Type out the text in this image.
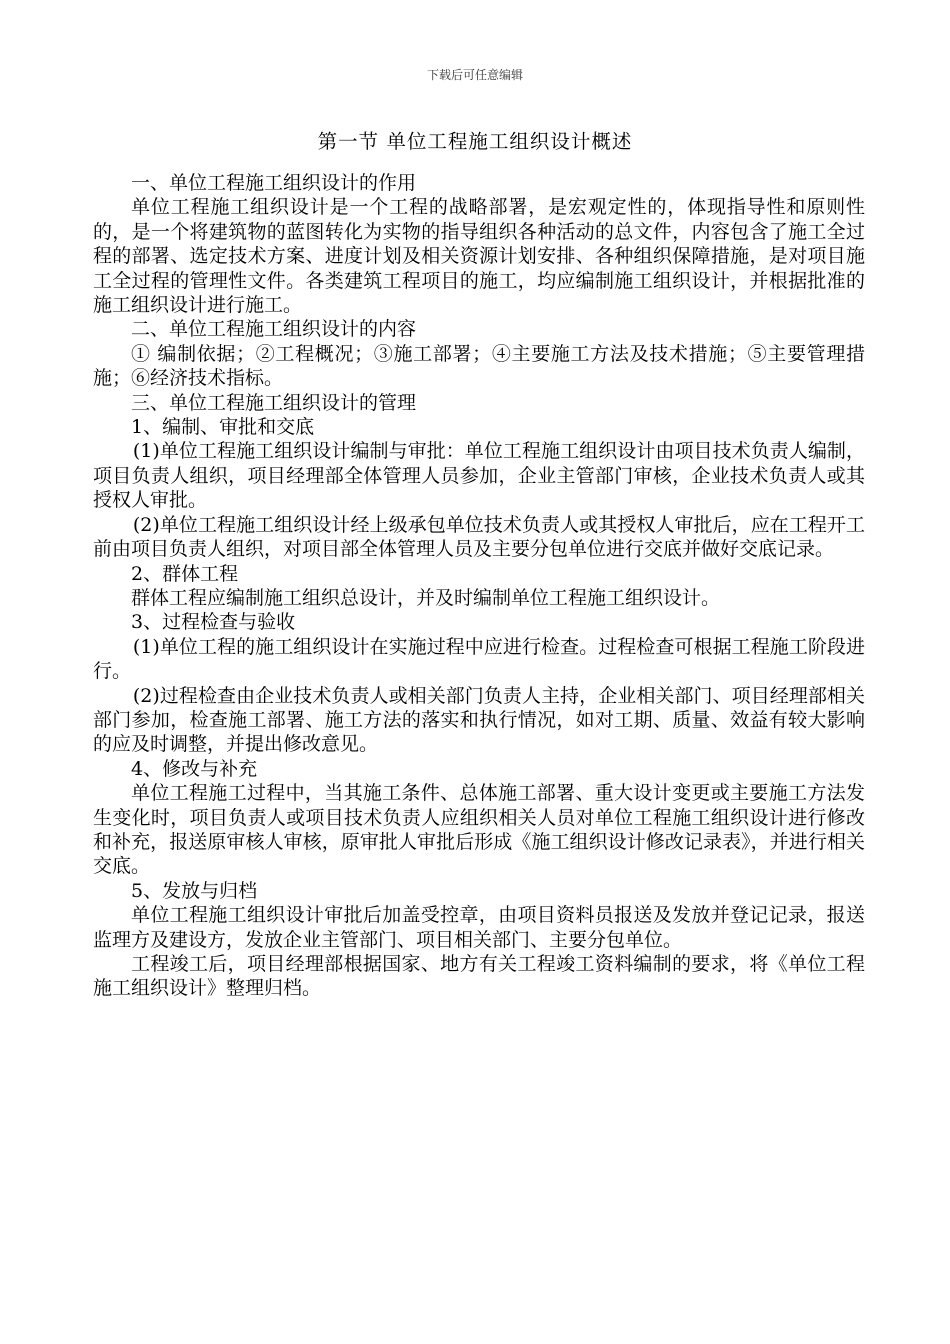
下载后可任意编辑
第一节 单位工程施工组织设计概述

一、单位工程施工组织设计的作用

单位工程施工组织设计是一个工程的战略部署，是宏观定性的，体现指导性和原则性的，是一个将建筑物的蓝图转化为实物的指导组织各种活动的总文件，内容包含了施工全过程的部署、选定技术方案、进度计划及相关资源计划安排、各种组织保障措施，是对项目施工全过程的管理性文件。各类建筑工程项目的施工，均应编制施工组织设计，并根据批准的施工组织设计进行施工。

二、单位工程施工组织设计的内容

① 编制依据；②工程概况；③施工部署；④主要施工方法及技术措施；⑤主要管理措施；⑥经济技术指标。

三、单位工程施工组织设计的管理

1、编制、审批和交底

(1)单位工程施工组织设计编制与审批：单位工程施工组织设计由项目技术负责人编制，项目负责人组织，项目经理部全体管理人员参加，企业主管部门审核，企业技术负责人或其授权人审批。

(2)单位工程施工组织设计经上级承包单位技术负责人或其授权人审批后，应在工程开工前由项目负责人组织，对项目部全体管理人员及主要分包单位进行交底并做好交底记录。

2、群体工程

群体工程应编制施工组织总设计，并及时编制单位工程施工组织设计。

3、过程检查与验收

(1)单位工程的施工组织设计在实施过程中应进行检查。过程检查可根据工程施工阶段进行。

(2)过程检查由企业技术负责人或相关部门负责人主持，企业相关部门、项目经理部相关部门参加，检查施工部署、施工方法的落实和执行情况，如对工期、质量、效益有较大影响的应及时调整，并提出修改意见。

4、修改与补充

单位工程施工过程中，当其施工条件、总体施工部署、重大设计变更或主要施工方法发生变化时，项目负责人或项目技术负责人应组织相关人员对单位工程施工组织设计进行修改和补充，报送原审核人审核，原审批人审批后形成《施工组织设计修改记录表》，并进行相关交底。

5、发放与归档

单位工程施工组织设计审批后加盖受控章，由项目资料员报送及发放并登记记录，报送监理方及建设方，发放企业主管部门、项目相关部门、主要分包单位。

工程竣工后，项目经理部根据国家、地方有关工程竣工资料编制的要求，将《单位工程施工组织设计》整理归档。
